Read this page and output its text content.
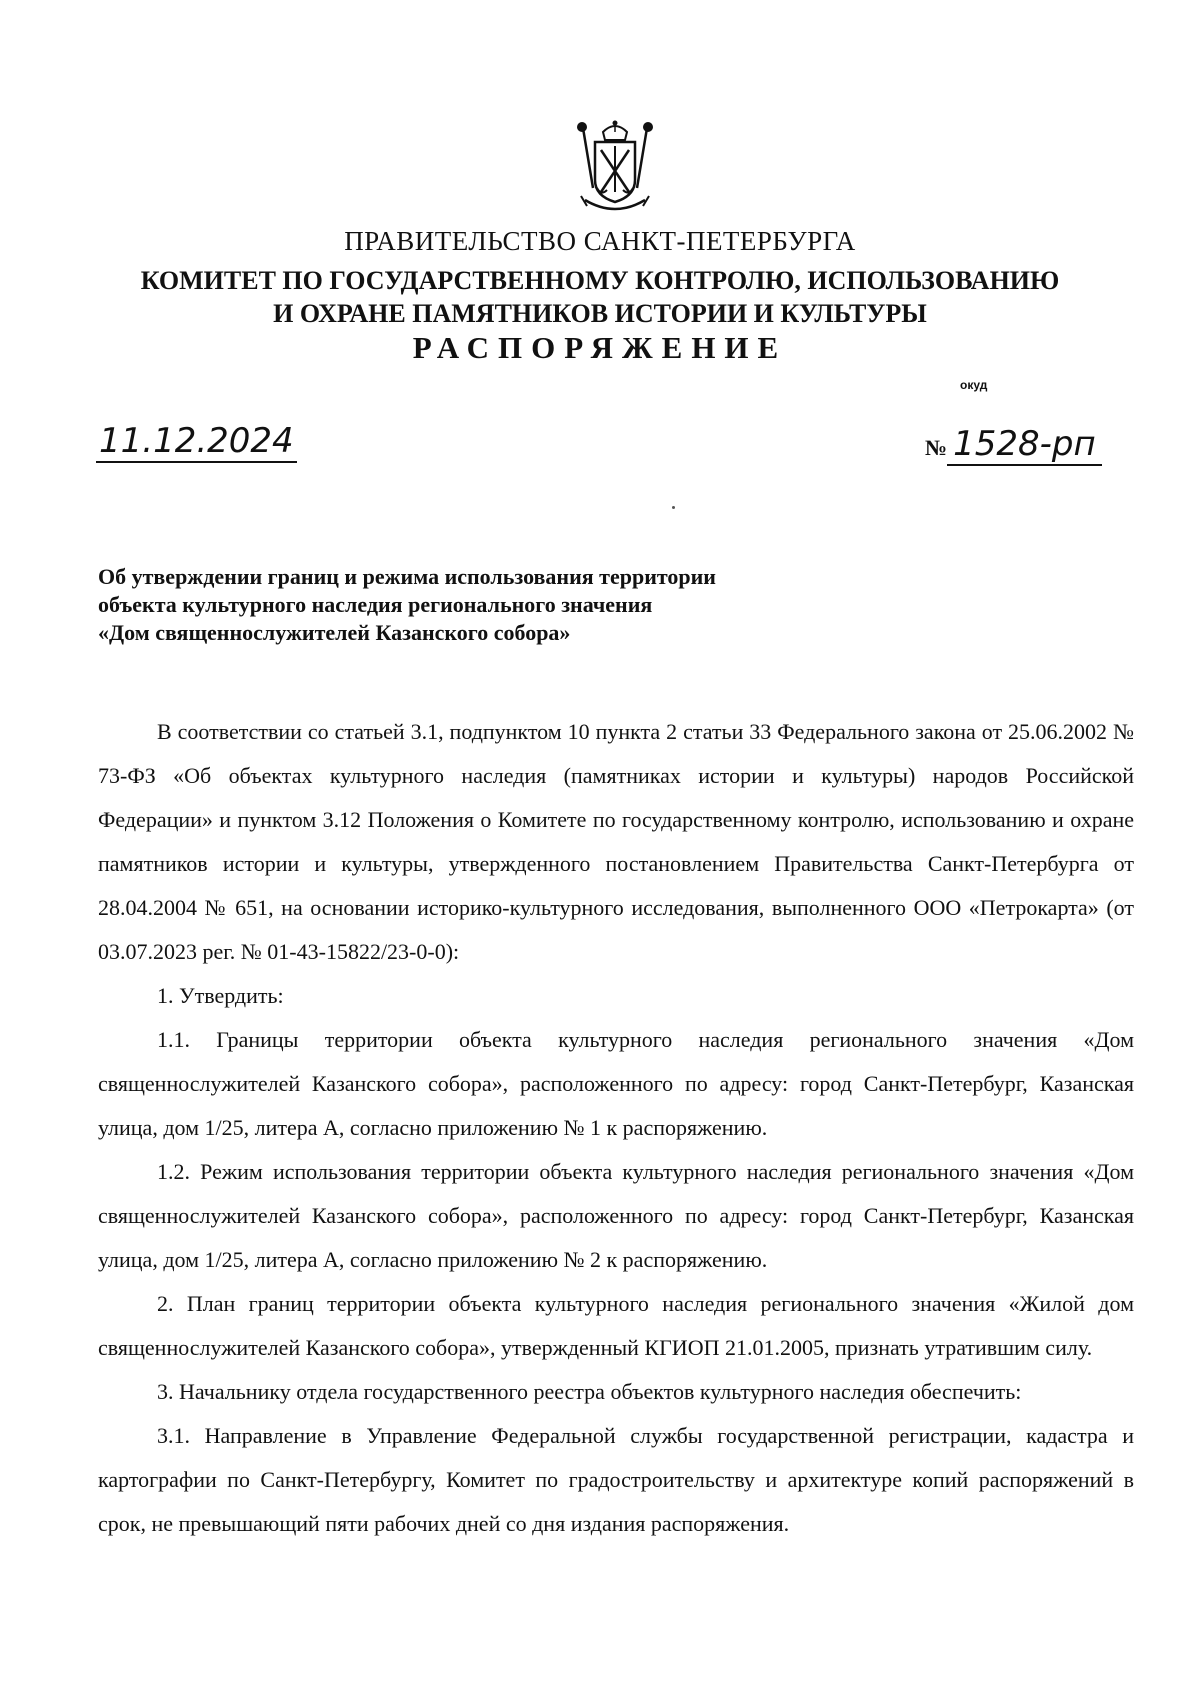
ПРАВИТЕЛЬСТВО САНКТ-ПЕТЕРБУРГА
КОМИТЕТ ПО ГОСУДАРСТВЕННОМУ КОНТРОЛЮ, ИСПОЛЬЗОВАНИЮ
И ОХРАНЕ ПАМЯТНИКОВ ИСТОРИИ И КУЛЬТУРЫ
РАСПОРЯЖЕНИЕ
окуд
11.12.2024	№ 1528-рп
Об утверждении границ и режима использования территории
объекта культурного наследия регионального значения
«Дом священнослужителей Казанского собора»

В соответствии со статьей 3.1, подпунктом 10 пункта 2 статьи 33 Федерального закона от 25.06.2002 № 73-ФЗ «Об объектах культурного наследия (памятниках истории и культуры) народов Российской Федерации» и пунктом 3.12 Положения о Комитете по государственному контролю, использованию и охране памятников истории и культуры, утвержденного постановлением Правительства Санкт-Петербурга от 28.04.2004 № 651, на основании историко-культурного исследования, выполненного ООО «Петрокарта» (от 03.07.2023 рег. № 01-43-15822/23-0-0):

1. Утвердить:

1.1. Границы территории объекта культурного наследия регионального значения «Дом священнослужителей Казанского собора», расположенного по адресу: город Санкт-Петербург, Казанская улица, дом 1/25, литера А, согласно приложению № 1 к распоряжению.

1.2. Режим использования территории объекта культурного наследия регионального значения «Дом священнослужителей Казанского собора», расположенного по адресу: город Санкт-Петербург, Казанская улица, дом 1/25, литера А, согласно приложению № 2 к распоряжению.

2. План границ территории объекта культурного наследия регионального значения «Жилой дом священнослужителей Казанского собора», утвержденный КГИОП 21.01.2005, признать утратившим силу.

3. Начальнику отдела государственного реестра объектов культурного наследия обеспечить:

3.1. Направление в Управление Федеральной службы государственной регистрации, кадастра и картографии по Санкт-Петербургу, Комитет по градостроительству и архитектуре копий распоряжений в срок, не превышающий пяти рабочих дней со дня издания распоряжения.
